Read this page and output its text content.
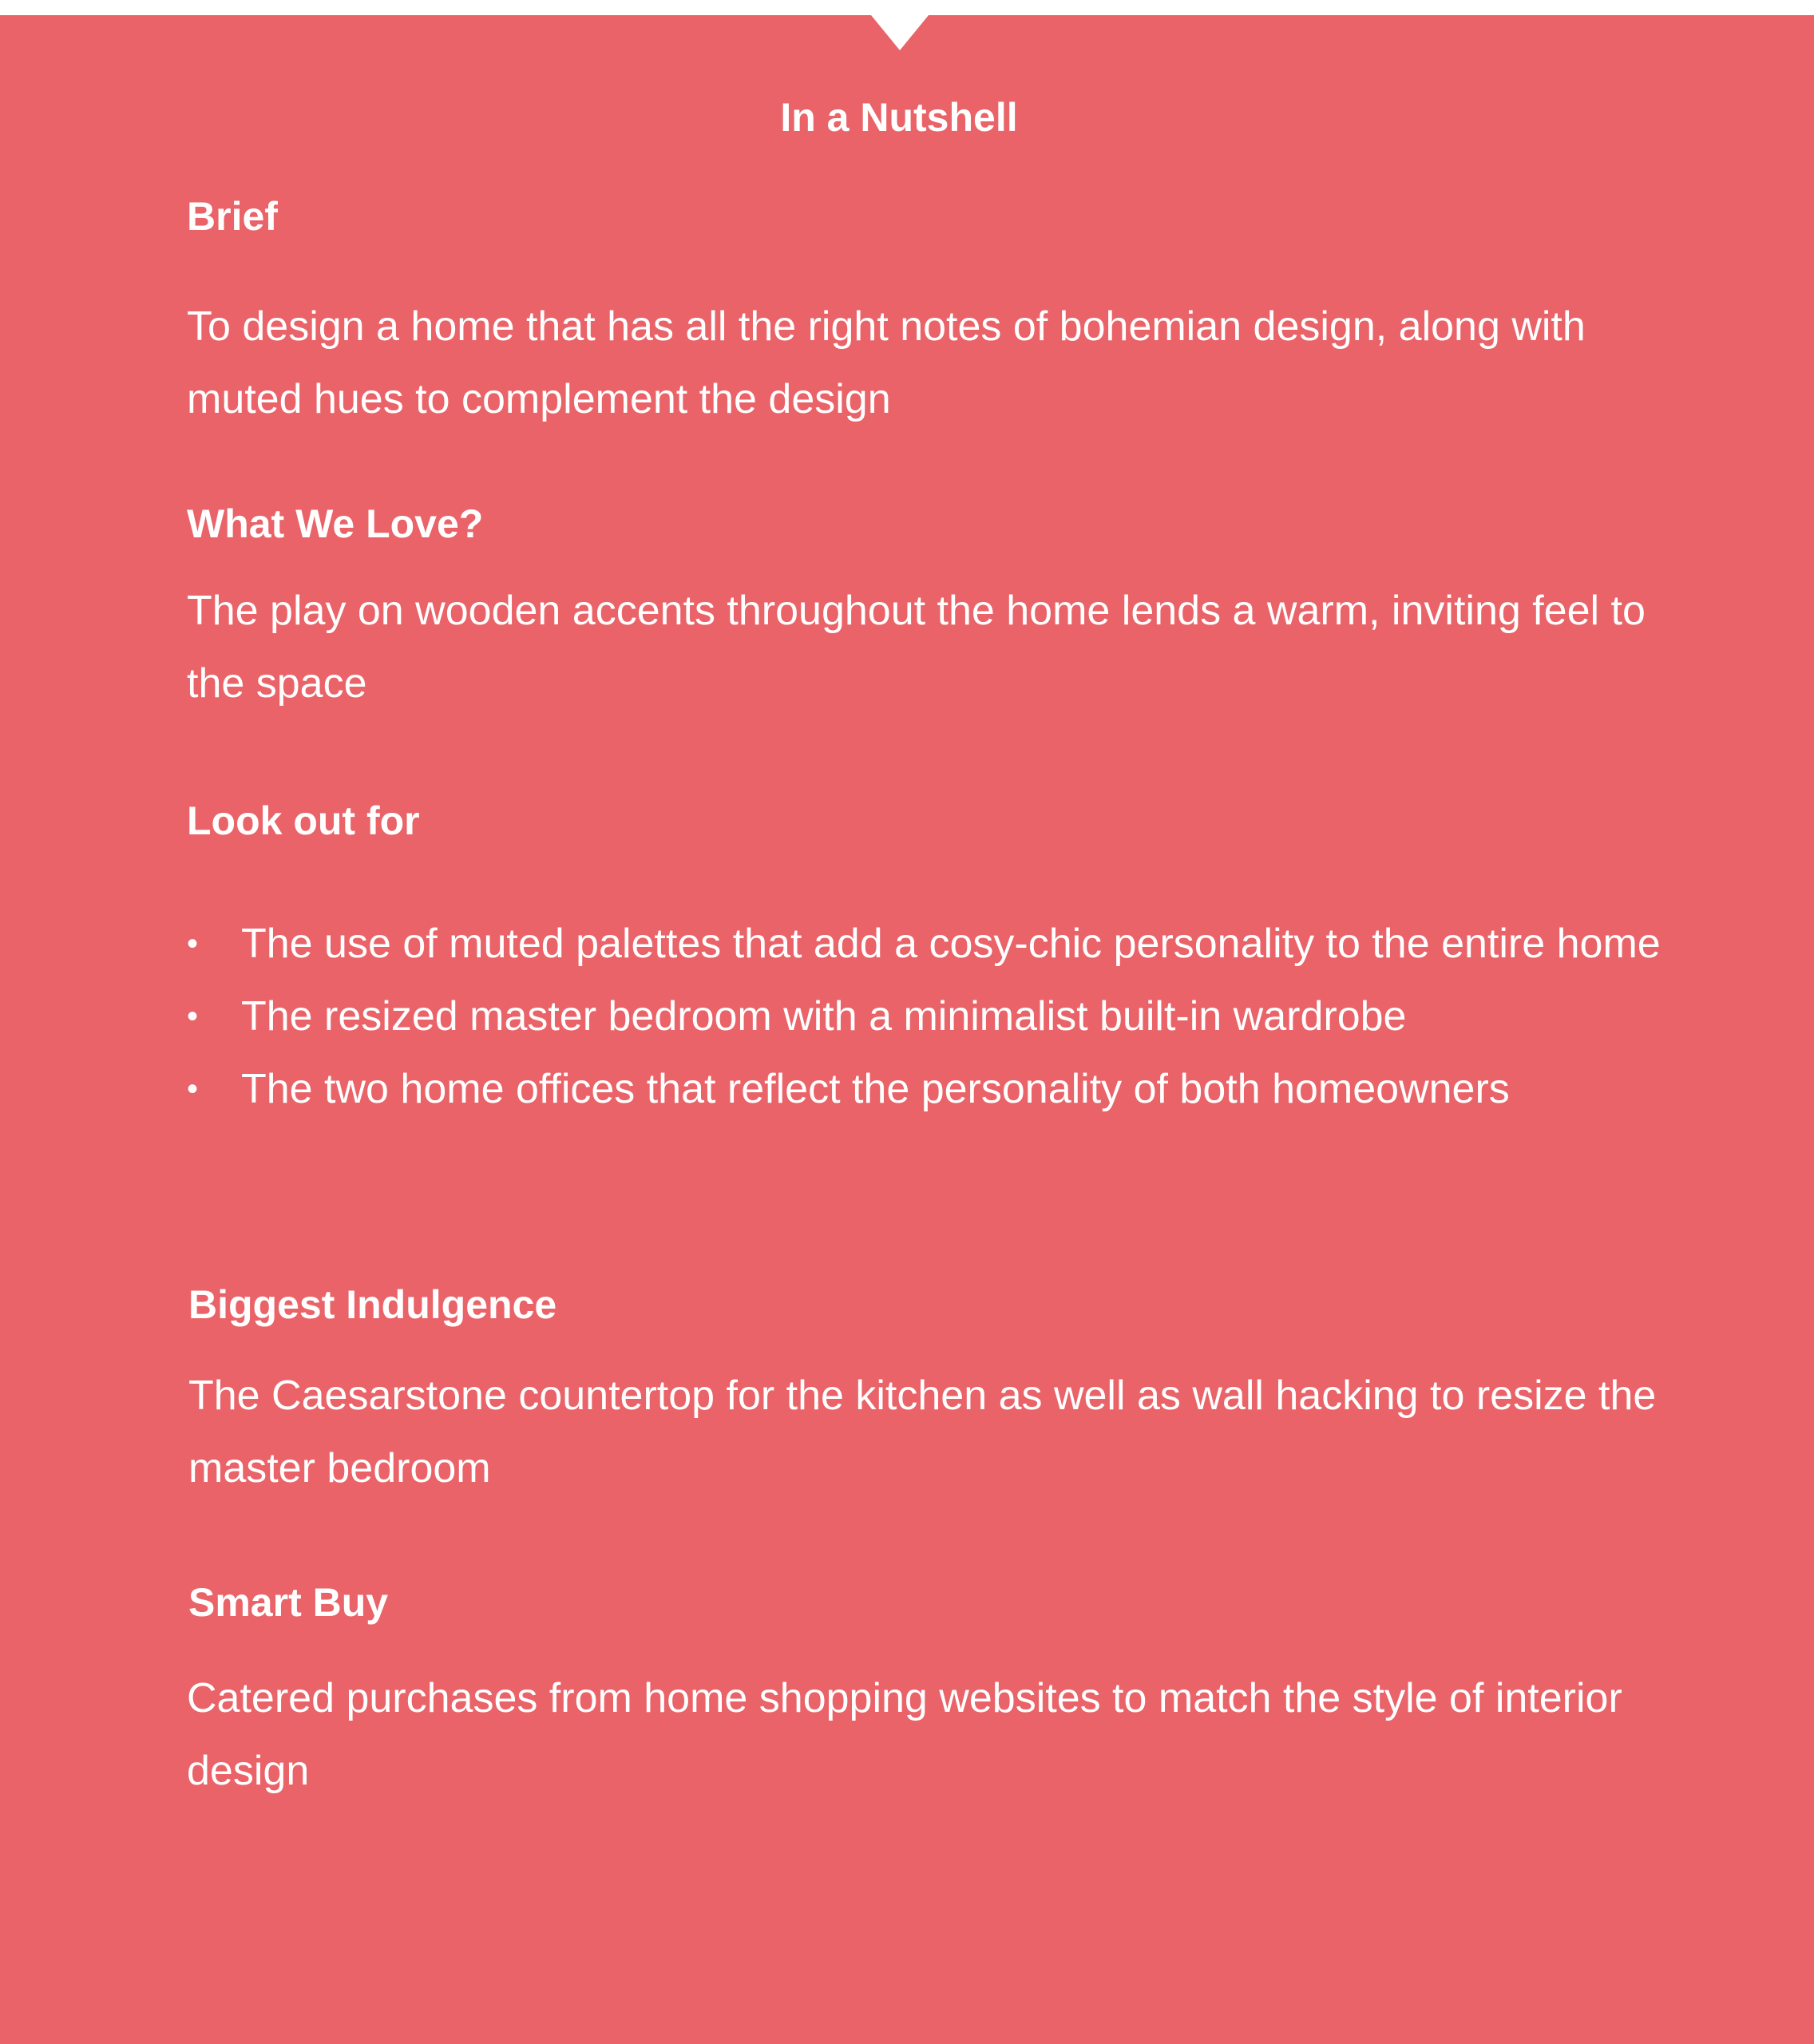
In a Nutshell
Brief

To design a home that has all the right notes of bohemian design, along with muted hues to complement the design

What We Love?

The play on wooden accents throughout the home lends a warm, inviting feel to the space

Look out for
•	The use of muted palettes that add a cosy-chic personality to the entire home
•	The resized master bedroom with a minimalist built-in wardrobe
•	The two home offices that reflect the personality of both homeowners
Biggest Indulgence

The Caesarstone countertop for the kitchen as well as wall hacking to resize the master bedroom

Smart Buy

Catered purchases from home shopping websites to match the style of interior design
